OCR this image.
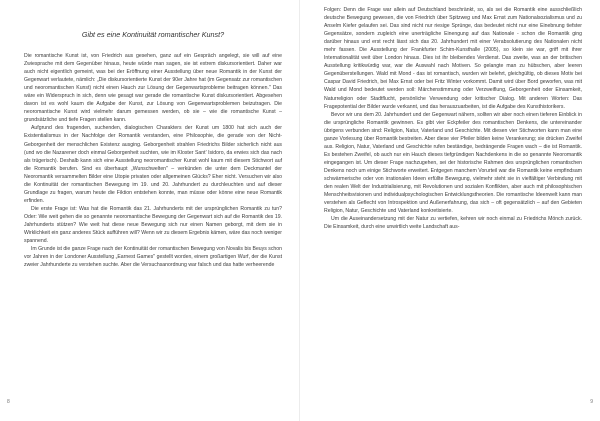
Gibt es eine Kontinuität romantischer Kunst?

Die romantische Kunst ist, von Friedrich aus gesehen, ganz auf ein Gespräch angelegt, sie will auf eine Zwiesprache mit dem Gegenüber hinaus, heute würde man sagen, sie ist extrem diskursorientiert. Daher war auch nicht eigentlich gemeint, was bei der Eröffnung einer Ausstellung über neue Romantik in der Kunst der Gegenwart verlautete, nämlich: „Die diskursorientierte Kunst der 90er Jahre hat (im Gegensatz zur romantischen und neoromantischen Kunst) nicht einen Hauch zur Lösung der Gegenwartsprobleme beitragen können." Das wäre ein Widerspruch in sich, denn wie gesagt war gerade die romantische Kunst diskursorientiert. Abgesehen davon ist es wohl kaum die Aufgabe der Kunst, zur Lösung von Gegenwartsproblemen beizutragen. Die neoromantische Kunst wird vielmehr darum gemessen werden, ob sie – wie die romantische Kunst – grundsätzliche und tiefe Fragen stellen kann.

Aufgrund des fragenden, suchenden, dialogischen Charakters der Kunst um 1800 hat sich auch der Existentialismus in der Nachfolge der Romantik verstanden, eine Philosophie, die gerade von der Nicht-Geborgenheit der menschlichen Existenz ausging. Geborgenheit strahlen Friedrichs Bilder sicherlich nicht aus (und wo die Nazarener doch einmal Geborgenheit suchten, wie im Kloster Sant' Isidoro, da erwies sich das nach als trügerisch). Deshalb kann sich eine Ausstellung neoromantischer Kunst wohl kaum mit diesem Stichwort auf die Romantik berufen. Sind es überhaupt „Wunschwelten" – verkünden die unter dem Deckmantel der Neoromantik versammelten Bilder eine Utopie privaten oder allgemeinen Glücks? Eher nicht. Versuchen wir also die Kontinuität der romantischen Bewegung im 19. und 20. Jahrhundert zu durchleuchten und auf dieser Grundlage zu fragen, warum heute die Fiktion entstehen konnte, man müsse oder könne eine neue Romantik erfinden.

Die erste Frage ist: Was hat die Romantik das 21. Jahrhunderts mit der ursprünglichen Romantik zu tun? Oder: Wie weit gehen die so genannte neoromantische Bewegung der Gegenwart sich auf die Romantik des 19. Jahrhunderts stützen? Wie weit hat diese neue Bewegung sich nur einen Namen geborgt, mit dem sie in Wirklichkeit ein ganz anderes Stück aufführen will? Wenn wir zu diesem Ergebnis kämen, wäre das noch weniger spannend.

Im Grunde ist die ganze Frage nach der Kontinuität der romantischen Bewegung von Novalis bis Beuys schon vor Jahren in der Londoner Ausstellung „Earnest Games" gestellt worden, einem großartigen Wurf, der die Kunst zweier Jahrhunderte zu verstehen suchte. Aber die Versuchsanordnung war falsch und das hatte verheerende

8

Folgen: Denn die Frage war allein auf Deutschland beschränkt, so, als sei die Romantik eine ausschließlich deutsche Bewegung gewesen, die von Friedrich über Spitzweg und Max Ernst zum Nationalsozialismus und zu Anselm Kiefer gelaufen sei. Das sind nicht nur riesige Sprünge, das bedeutet nicht nur eine Einebnung tiefster Gegensätze, sondern zugleich eine unerträgliche Einengung auf das Nationale - schon die Romantik ging darüber hinaus und erst recht lässt sich das 20. Jahrhundert mit einer Verabsolutierung des Nationalen nicht mehr fassen. Die Ausstellung der Frankfurter Schirn-Kunsthalle (2005), so klein sie war, griff mit ihrer Internationalität weit über London hinaus. Dies ist ihr bleibendes Verdienst. Das zweite, was an der britischen Ausstellung kritikwürdig war, war die Auswahl nach Motiven. So gelangte man zu hübschen, aber leeren Gegenüberstellungen. Wald mit Mond - das ist romantisch, wurden wir belehrt, gleichgültig, ob dieses Motiv bei Caspar David Friedrich, bei Max Ernst oder bei Fritz Winter vorkommt. Damit wird über Bord geworfen, was mit Wald und Mond bedeutet werden soll: Märchenstimmung oder Verzweiflung, Geborgenheit oder Einsamkeit, Naturreligion oder Stadtflucht, persönliche Verwendung oder kritischer Dialog. Mit anderen Worten: Das Fragepotential der Bilder wurde verkannt, und das herauszuarbeiten, ist die Aufgabe des Kunsthistorikers.

Bevor wir uns dem 20. Jahrhundert und der Gegenwart nähern, sollten wir aber noch einen tieferen Einblick in die ursprüngliche Romantik gewinnen. Es gibt vier Eckpfeiler des romantischen Denkens, die untereinander übrigens verbunden sind: Religion, Natur, Vaterland und Geschichte. Mit diesen vier Stichworten kann man eine ganze Vorlesung über Romantik bestreiten. Aber diese vier Pfeiler bilden keine Verankerung; sie drücken Zweifel aus. Religion, Natur, Vaterland und Geschichte rufen beständige, bedrängende Fragen wach – die ist Romantik. Es bestehen Zweifel, ob auch nur ein Hauch dieses tiefgründigen Nachdenkens in die so genannte Neoromantik eingegangen ist. Um dieser Frage nachzugehen, sei der historische Rahmen des ursprünglichen romantischen Denkens noch um einige Stichworte erweitert. Entgegen manchem Vorurteil war die Romantik keine empfindsam schwärmerische oder von irrationalen Ideen erfüllte Bewegung, vielmehr steht sie in vielfältiger Verbindung mit den realen Welt der Industrialisierung, mit Revolutionen und sozialen Konflikten, aber auch mit philosophischen Menschheitsvisionen und individualpsychologischen Entwicklungstheorien. Die romantische Ideenwelt kann man verstehen als Geflecht von Introspektion und Außenerfahrung, das sich – oft gegensätzlich – auf den Gebieten Religion, Natur, Geschichte und Vaterland konkretisierte.

Um die Auseinandersetzung mit der Natur zu vertiefen, kehren wir noch einmal zu Friedrichs Mönch zurück. Die Einsamkeit, durch eine unwirtlich weite Landschaft aus-

9
